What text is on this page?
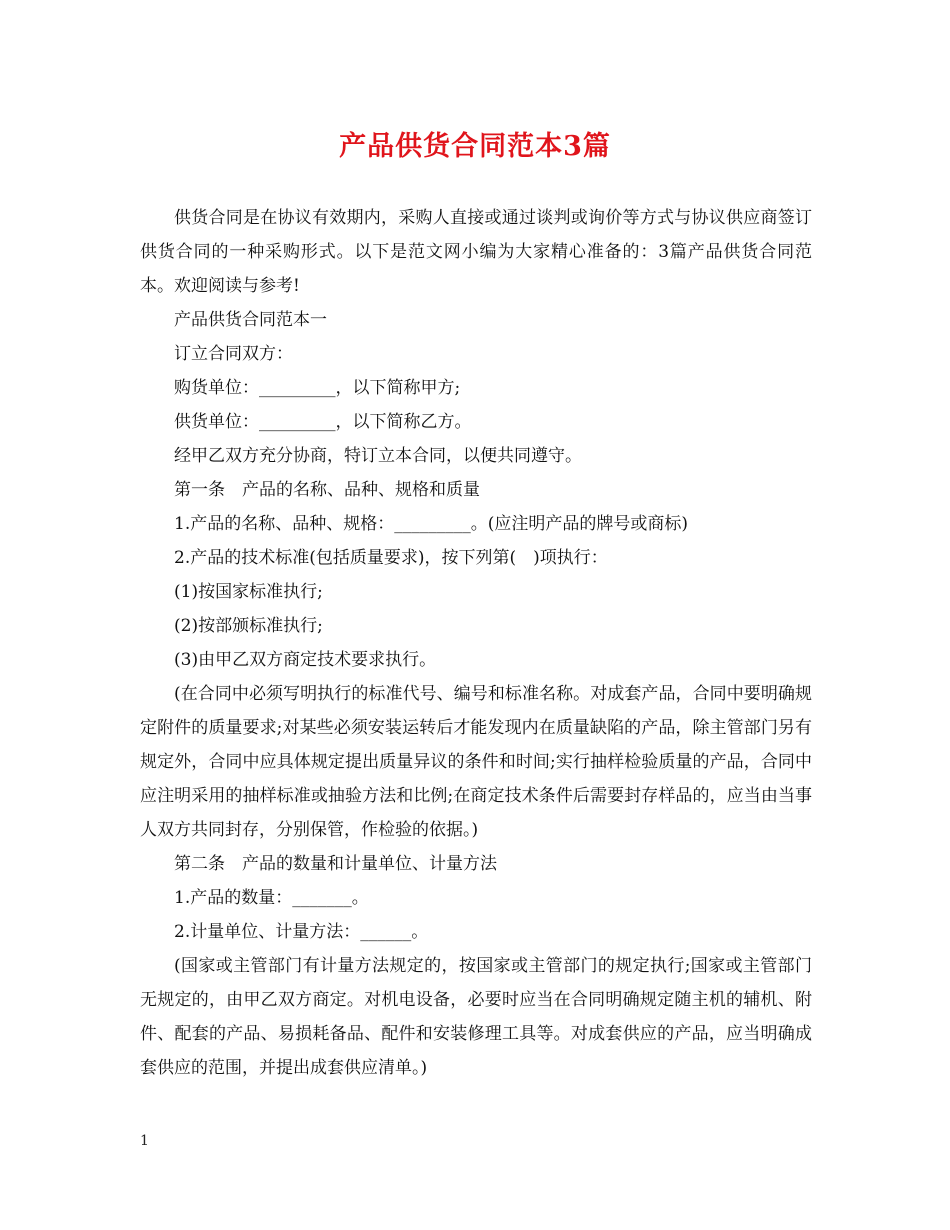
产品供货合同范本3篇

供货合同是在协议有效期内，采购人直接或通过谈判或询价等方式与协议供应商签订供货合同的一种采购形式。以下是范文网小编为大家精心准备的：3篇产品供货合同范本。欢迎阅读与参考!

产品供货合同范本一

订立合同双方：

购货单位：_________，以下简称甲方;

供货单位：_________，以下简称乙方。

经甲乙双方充分协商，特订立本合同，以便共同遵守。

第一条　产品的名称、品种、规格和质量

1.产品的名称、品种、规格：_________。(应注明产品的牌号或商标)

2.产品的技术标准(包括质量要求)，按下列第(　)项执行：

(1)按国家标准执行;

(2)按部颁标准执行;

(3)由甲乙双方商定技术要求执行。

(在合同中必须写明执行的标准代号、编号和标准名称。对成套产品，合同中要明确规定附件的质量要求;对某些必须安装运转后才能发现内在质量缺陷的产品，除主管部门另有规定外，合同中应具体规定提出质量异议的条件和时间;实行抽样检验质量的产品，合同中应注明采用的抽样标准或抽验方法和比例;在商定技术条件后需要封存样品的，应当由当事人双方共同封存，分别保管，作检验的依据。)

第二条　产品的数量和计量单位、计量方法

1.产品的数量：_______。

2.计量单位、计量方法：______。

(国家或主管部门有计量方法规定的，按国家或主管部门的规定执行;国家或主管部门无规定的，由甲乙双方商定。对机电设备，必要时应当在合同明确规定随主机的辅机、附件、配套的产品、易损耗备品、配件和安装修理工具等。对成套供应的产品，应当明确成套供应的范围，并提出成套供应清单。)

1
